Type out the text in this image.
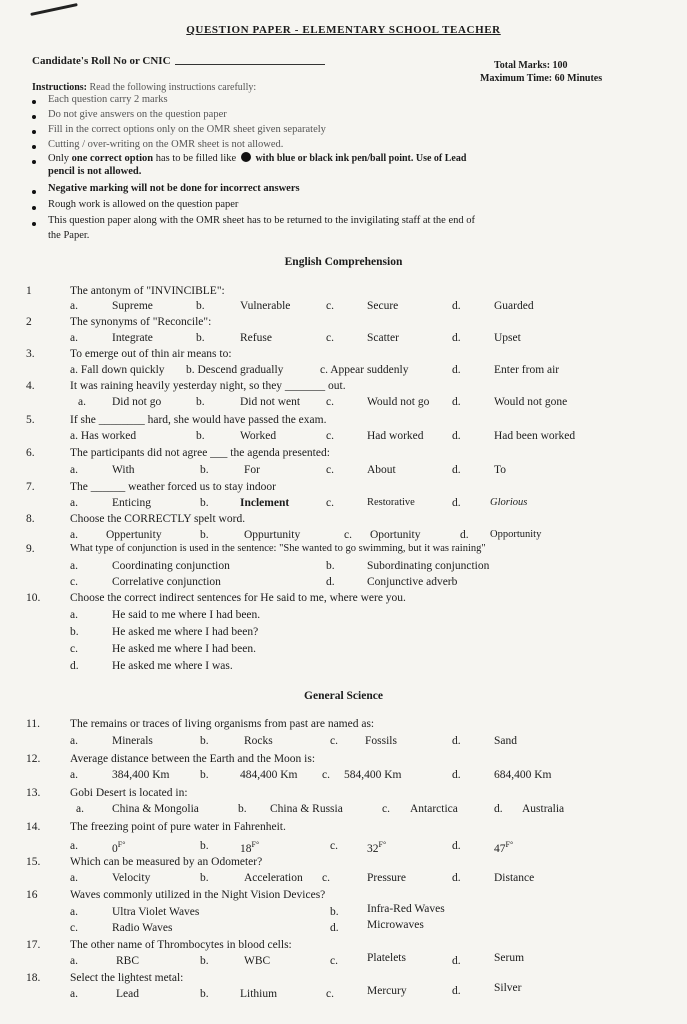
QUESTION PAPER - ELEMENTARY SCHOOL TEACHER
Candidate's Roll No or CNIC	Total Marks: 100
Maximum Time: 60 Minutes
Instructions: Read the following instructions carefully:
Each question carry 2 marks
Do not give answers on the question paper
Fill in the correct options only on the OMR sheet given separately
Cutting / over-writing on the OMR sheet is not allowed.
Only one correct option has to be filled like  with blue or black ink pen/ball point. Use of Lead
pencil is not allowed.
Negative marking will not be done for incorrect answers
Rough work is allowed on the question paper
This question paper along with the OMR sheet has to be returned to the invigilating staff at the end of
the Paper.
English Comprehension
1	The antonym of "INVINCIBLE":
a.	Supreme	b.	Vulnerable	c.	Secure	d.	Guarded
2	The synonyms of "Reconcile":
a.	Integrate	b.	Refuse	c.	Scatter	d.	Upset
3.	To emerge out of thin air means to:
a. Fall down quickly b. Descend gradually	c. Appear suddenly	d.	Enter from air
4.	It was raining heavily yesterday night, so they _______ out.
a. Did not go	b.	Did not went c.	Would not go d.	Would not gone
5.	If she ________ hard, she would have passed the exam.
a. Has worked	b.	Worked	c.	Had worked d.	Had been worked
6.	The participants did not agree ___ the agenda presented:
a.	With	b.	For	c.	About	d.	To
7.	The ______ weather forced us to stay indoor
a.	Enticing	b.	Inclement	c.	Restorative	d.	Glorious
8.	Choose the CORRECTLY spelt word.
a. Oppertunity	b.	Oppurtunity	c. Oportunity	d. Opportunity
9.	What type of conjunction is used in the sentence: "She wanted to go swimming, but it was raining"
a.	Coordinating conjunction	b.	Subordinating conjunction
c.	Correlative conjunction	d.	Conjunctive adverb
10.	Choose the correct indirect sentences for He said to me, where were you.
a.	He said to me where I had been.
b.	He asked me where I had been?
c.	He asked me where I had been.
d.	He asked me where I was.
General Science
11.	The remains or traces of living organisms from past are named as:
a.	Minerals	b.	Rocks	c. Fossils	d.	Sand
12.	Average distance between the Earth and the Moon is:
a.	384,400 Km	b.	484,400 Km c. 584,400 Km	d.	684,400 Km
13.	Gobi Desert is located in:
a. China & Mongolia	b. China & Russia	c. Antarctica	d. Australia
14.	The freezing point of pure water in Fahrenheit.
a.	$0^{F^\circ}$	b.	$18^{F^\circ}$	c.	$32^{F^\circ}$	d.	$47^{F^\circ}$
15.	Which can be measured by an Odometer?
a.	Velocity	b.	Acceleration c.	Pressure	d.	Distance
16	Waves commonly utilized in the Night Vision Devices?
a.	Ultra Violet Waves	b. Infra-Red Waves
c.	Radio Waves	d. Microwaves
17.	The other name of Thrombocytes in blood cells:
a.	RBC	b.	WBC	c.	Platelets	d.	Serum
18.	Select the lightest metal:
a.	Lead	b.	Lithium	c.	Mercury	d.	Silver
